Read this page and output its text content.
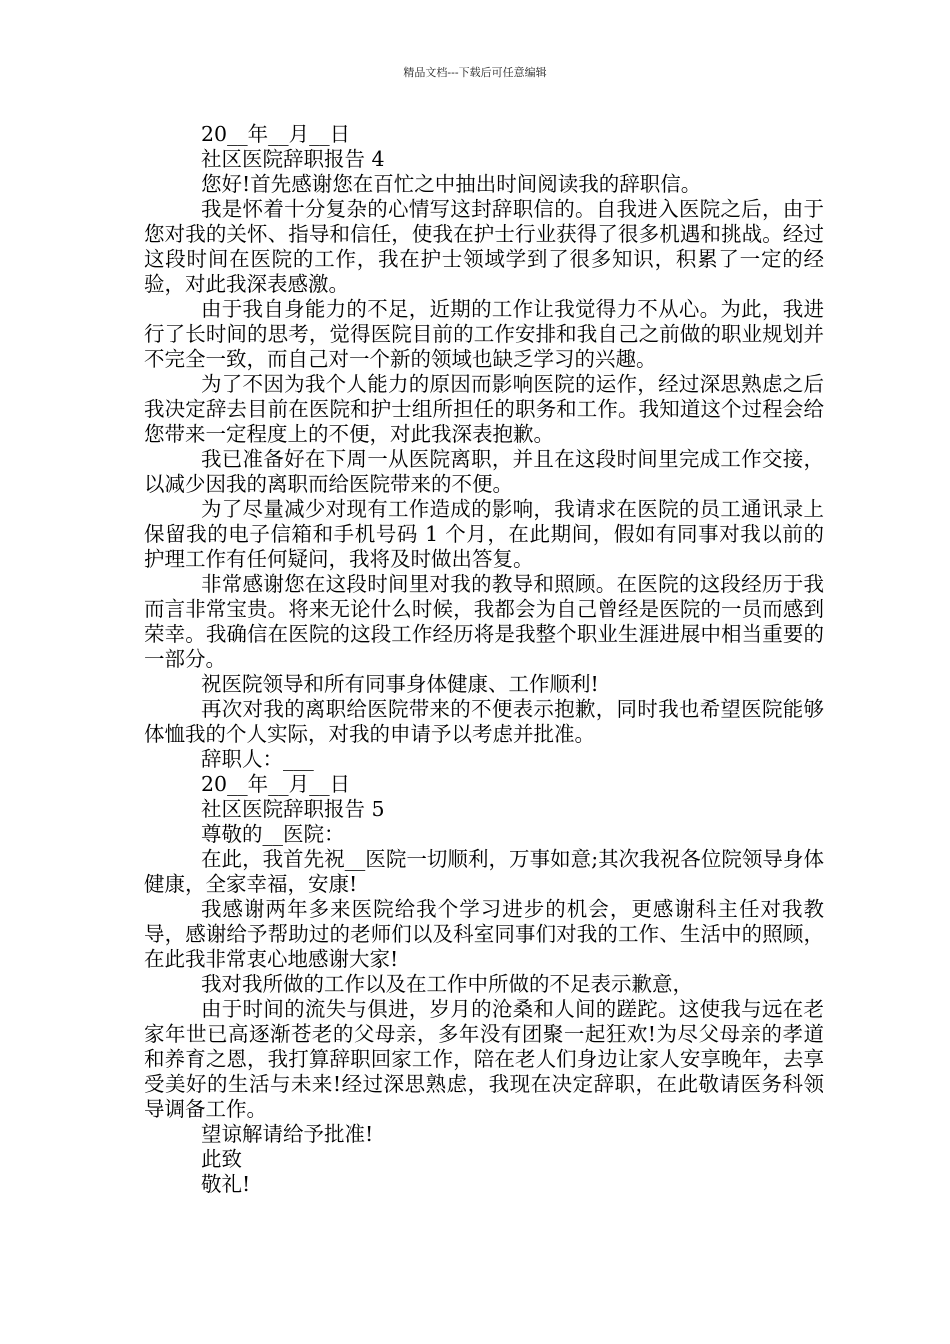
精品文档---下载后可任意编辑

20__年__月__日

社区医院辞职报告 4

您好!首先感谢您在百忙之中抽出时间阅读我的辞职信。

我是怀着十分复杂的心情写这封辞职信的。自我进入医院之后，由于您对我的关怀、指导和信任，使我在护士行业获得了很多机遇和挑战。经过这段时间在医院的工作，我在护士领域学到了很多知识，积累了一定的经验，对此我深表感激。

由于我自身能力的不足，近期的工作让我觉得力不从心。为此，我进行了长时间的思考，觉得医院目前的工作安排和我自己之前做的职业规划并不完全一致，而自己对一个新的领域也缺乏学习的兴趣。

为了不因为我个人能力的原因而影响医院的运作，经过深思熟虑之后我决定辞去目前在医院和护士组所担任的职务和工作。我知道这个过程会给您带来一定程度上的不便，对此我深表抱歉。

我已准备好在下周一从医院离职，并且在这段时间里完成工作交接，以减少因我的离职而给医院带来的不便。

为了尽量减少对现有工作造成的影响，我请求在医院的员工通讯录上保留我的电子信箱和手机号码 1 个月，在此期间，假如有同事对我以前的护理工作有任何疑问，我将及时做出答复。

非常感谢您在这段时间里对我的教导和照顾。在医院的这段经历于我而言非常宝贵。将来无论什么时候，我都会为自己曾经是医院的一员而感到荣幸。我确信在医院的这段工作经历将是我整个职业生涯进展中相当重要的一部分。

祝医院领导和所有同事身体健康、工作顺利!

再次对我的离职给医院带来的不便表示抱歉，同时我也希望医院能够体恤我的个人实际，对我的申请予以考虑并批准。

辞职人：___

20__年__月__日

社区医院辞职报告 5

尊敬的__医院：

在此，我首先祝__医院一切顺利，万事如意;其次我祝各位院领导身体健康，全家幸福，安康!

我感谢两年多来医院给我个学习进步的机会，更感谢科主任对我教导，感谢给予帮助过的老师们以及科室同事们对我的工作、生活中的照顾，在此我非常衷心地感谢大家!

我对我所做的工作以及在工作中所做的不足表示歉意，

由于时间的流失与俱进，岁月的沧桑和人间的蹉跎。这使我与远在老家年世已高逐渐苍老的父母亲，多年没有团聚一起狂欢!为尽父母亲的孝道和养育之恩，我打算辞职回家工作，陪在老人们身边让家人安享晚年，去享受美好的生活与未来!经过深思熟虑，我现在决定辞职，在此敬请医务科领导调备工作。

望谅解请给予批准!

此致

敬礼!
